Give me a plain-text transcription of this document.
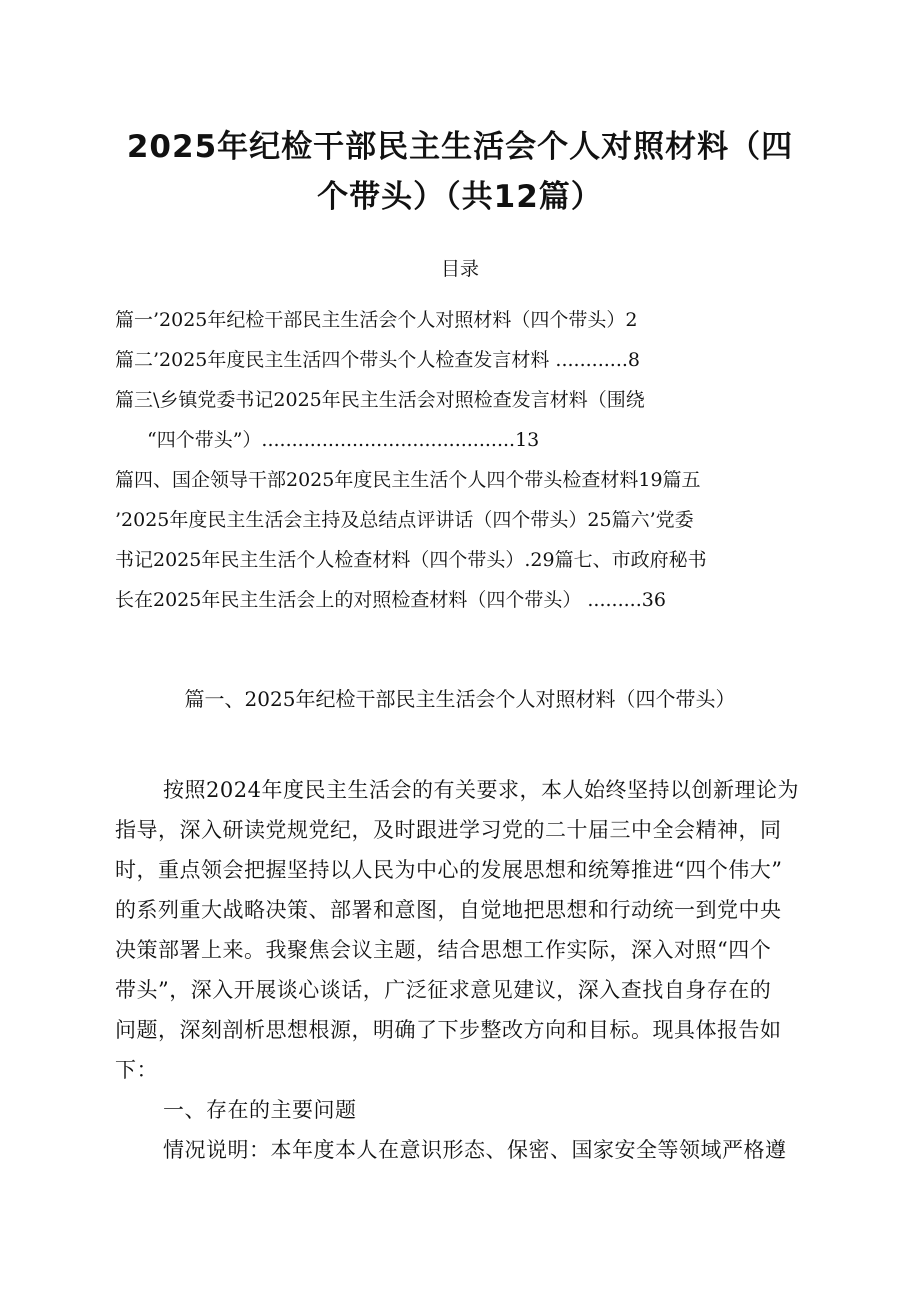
2025年纪检干部民主生活会个人对照材料（四
个带头）（共12篇）
目录
篇一’2025年纪检干部民主生活会个人对照材料（四个带头）2
篇二’2025年度民主生活四个带头个人检查发言材料 ............8
篇三\乡镇党委书记2025年民主生活会对照检查发言材料（围绕
“四个带头”）..........................................13
篇四、国企领导干部2025年度民主生活个人四个带头检查材料19篇五
’2025年度民主生活会主持及总结点评讲话（四个带头）25篇六’党委
书记2025年民主生活个人检查材料（四个带头）.29篇七、市政府秘书
长在2025年民主生活会上的对照检查材料（四个带头） .........36
篇一、2025年纪检干部民主生活会个人对照材料（四个带头）
按照2024年度民主生活会的有关要求，本人始终坚持以创新理论为
指导，深入研读党规党纪，及时跟进学习党的二十届三中全会精神，同
时，重点领会把握坚持以人民为中心的发展思想和统筹推进“四个伟大”
的系列重大战略决策、部署和意图，自觉地把思想和行动统一到党中央
决策部署上来。我聚焦会议主题，结合思想工作实际，深入对照“四个
带头”，深入开展谈心谈话，广泛征求意见建议，深入查找自身存在的
问题，深刻剖析思想根源，明确了下步整改方向和目标。现具体报告如
下：
一、存在的主要问题
情况说明：本年度本人在意识形态、保密、国家安全等领域严格遵
